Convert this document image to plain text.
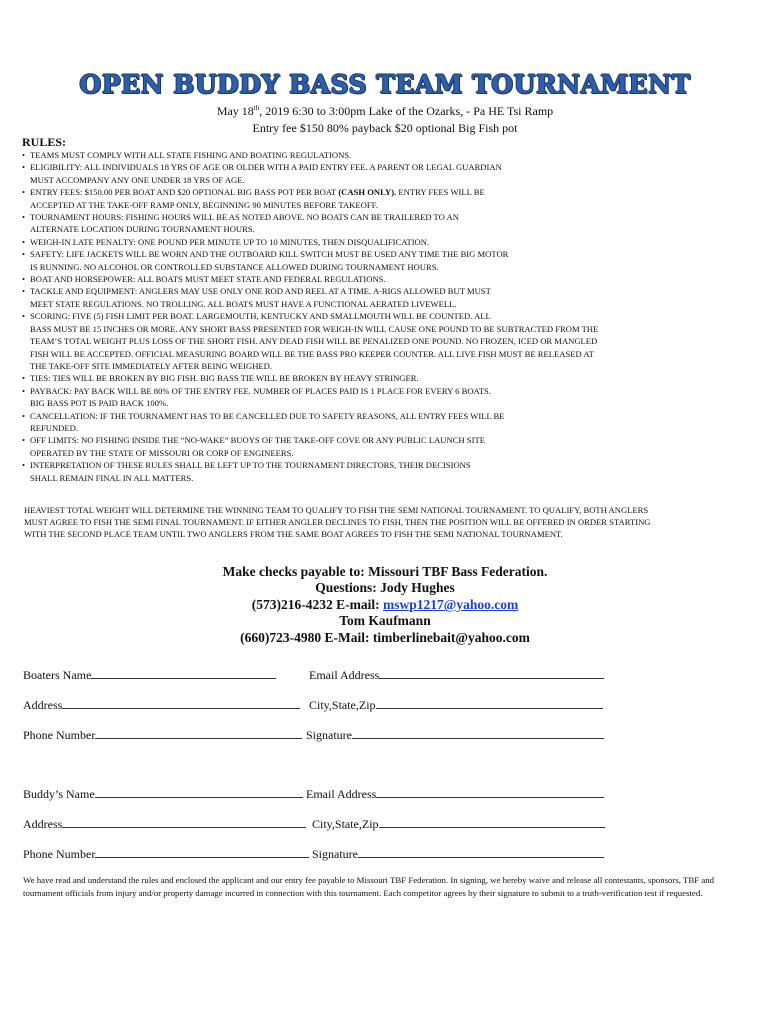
OPEN BUDDY BASS TEAM TOURNAMENT
May 18th, 2019 6:30 to 3:00pm Lake of the Ozarks, - Pa HE Tsi Ramp
Entry fee $150 80% payback $20 optional Big Fish pot
RULES:
• TEAMS MUST COMPLY WITH ALL STATE FISHING AND BOATING REGULATIONS.
• ELIGIBILITY: ALL INDIVIDUALS 18 YRS OF AGE OR OLDER WITH A PAID ENTRY FEE. A PARENT OR LEGAL GUARDIAN
MUST ACCOMPANY ANY ONE UNDER 18 YRS OF AGE.
• ENTRY FEES: $150.00 PER BOAT AND $20 OPTIONAL BIG BASS POT PER BOAT (CASH ONLY). ENTRY FEES WILL BE
ACCEPTED AT THE TAKE-OFF RAMP ONLY, BEGINNING 90 MINUTES BEFORE TAKEOFF.
• TOURNAMENT HOURS: FISHING HOURS WILL BE AS NOTED ABOVE. NO BOATS CAN BE TRAILERED TO AN
ALTERNATE LOCATION DURING TOURNAMENT HOURS.
• WEIGH-IN LATE PENALTY: ONE POUND PER MINUTE UP TO 10 MINUTES, THEN DISQUALIFICATION.
• SAFETY: LIFE JACKETS WILL BE WORN AND THE OUTBOARD KILL SWITCH MUST BE USED ANY TIME THE BIG MOTOR
IS RUNNING. NO ALCOHOL OR CONTROLLED SUBSTANCE ALLOWED DURING TOURNAMENT HOURS.
• BOAT AND HORSEPOWER: ALL BOATS MUST MEET STATE AND FEDERAL REGULATIONS.
• TACKLE AND EQUIPMENT: ANGLERS MAY USE ONLY ONE ROD AND REEL AT A TIME. A-RIGS ALLOWED BUT MUST
MEET STATE REGULATIONS. NO TROLLING. ALL BOATS MUST HAVE A FUNCTIONAL AERATED LIVEWELL.
• SCORING: FIVE (5) FISH LIMIT PER BOAT. LARGEMOUTH, KENTUCKY AND SMALLMOUTH WILL BE COUNTED. ALL
BASS MUST BE 15 INCHES OR MORE. ANY SHORT BASS PRESENTED FOR WEIGH-IN WILL CAUSE ONE POUND TO BE SUBTRACTED FROM THE TEAM’S TOTAL WEIGHT PLUS LOSS OF THE SHORT FISH. ANY DEAD FISH WILL BE PENALIZED ONE POUND. NO FROZEN, ICED OR MANGLED FISH WILL BE ACCEPTED. OFFICIAL MEASURING BOARD WILL BE THE BASS PRO KEEPER COUNTER. ALL LIVE FISH MUST BE RELEASED AT THE TAKE-OFF SITE IMMEDIATELY AFTER BEING WEIGHED.
• TIES: TIES WILL BE BROKEN BY BIG FISH. BIG BASS TIE WILL BE BROKEN BY HEAVY STRINGER.
• PAYBACK: PAY BACK WILL BE 80% OF THE ENTRY FEE. NUMBER OF PLACES PAID IS 1 PLACE FOR EVERY 6 BOATS.
BIG BASS POT IS PAID BACK 100%.
• CANCELLATION: IF THE TOURNAMENT HAS TO BE CANCELLED DUE TO SAFETY REASONS, ALL ENTRY FEES WILL BE
REFUNDED.
• OFF LIMITS: NO FISHING INSIDE THE “NO-WAKE” BUOYS OF THE TAKE-OFF COVE OR ANY PUBLIC LAUNCH SITE
OPERATED BY THE STATE OF MISSOURI OR CORP OF ENGINEERS.
• INTERPRETATION OF THESE RULES SHALL BE LEFT UP TO THE TOURNAMENT DIRECTORS, THEIR DECISIONS
SHALL REMAIN FINAL IN ALL MATTERS.
HEAVIEST TOTAL WEIGHT WILL DETERMINE THE WINNING TEAM TO QUALIFY TO FISH THE SEMI NATIONAL TOURNAMENT. TO QUALIFY, BOTH ANGLERS MUST AGREE TO FISH THE SEMI FINAL TOURNAMENT. IF EITHER ANGLER DECLINES TO FISH, THEN THE POSITION WILL BE OFFERED IN ORDER STARTING WITH THE SECOND PLACE TEAM UNTIL TWO ANGLERS FROM THE SAME BOAT AGREES TO FISH THE SEMI NATIONAL TOURNAMENT.
Make checks payable to: Missouri TBF Bass Federation.
Questions: Jody Hughes
(573)216-4232 E-mail: mswp1217@yahoo.com
Tom Kaufmann
(660)723-4980 E-Mail: timberlinebait@yahoo.com
Boaters Name	Email Address
Address	City,State,Zip
Phone Number	Signature
Buddy’s Name	Email Address
Address	City,State,Zip
Phone Number	Signature
We have read and understand the rules and enclosed the applicant and our entry fee payable to Missouri TBF Federation. In signing, we hereby waive and release all contestants, sponsors, TBF and tournament officials from injury and/or property damage incurred in connection with this tournament. Each competitor agrees by their signature to submit to a truth-verification test if requested.
